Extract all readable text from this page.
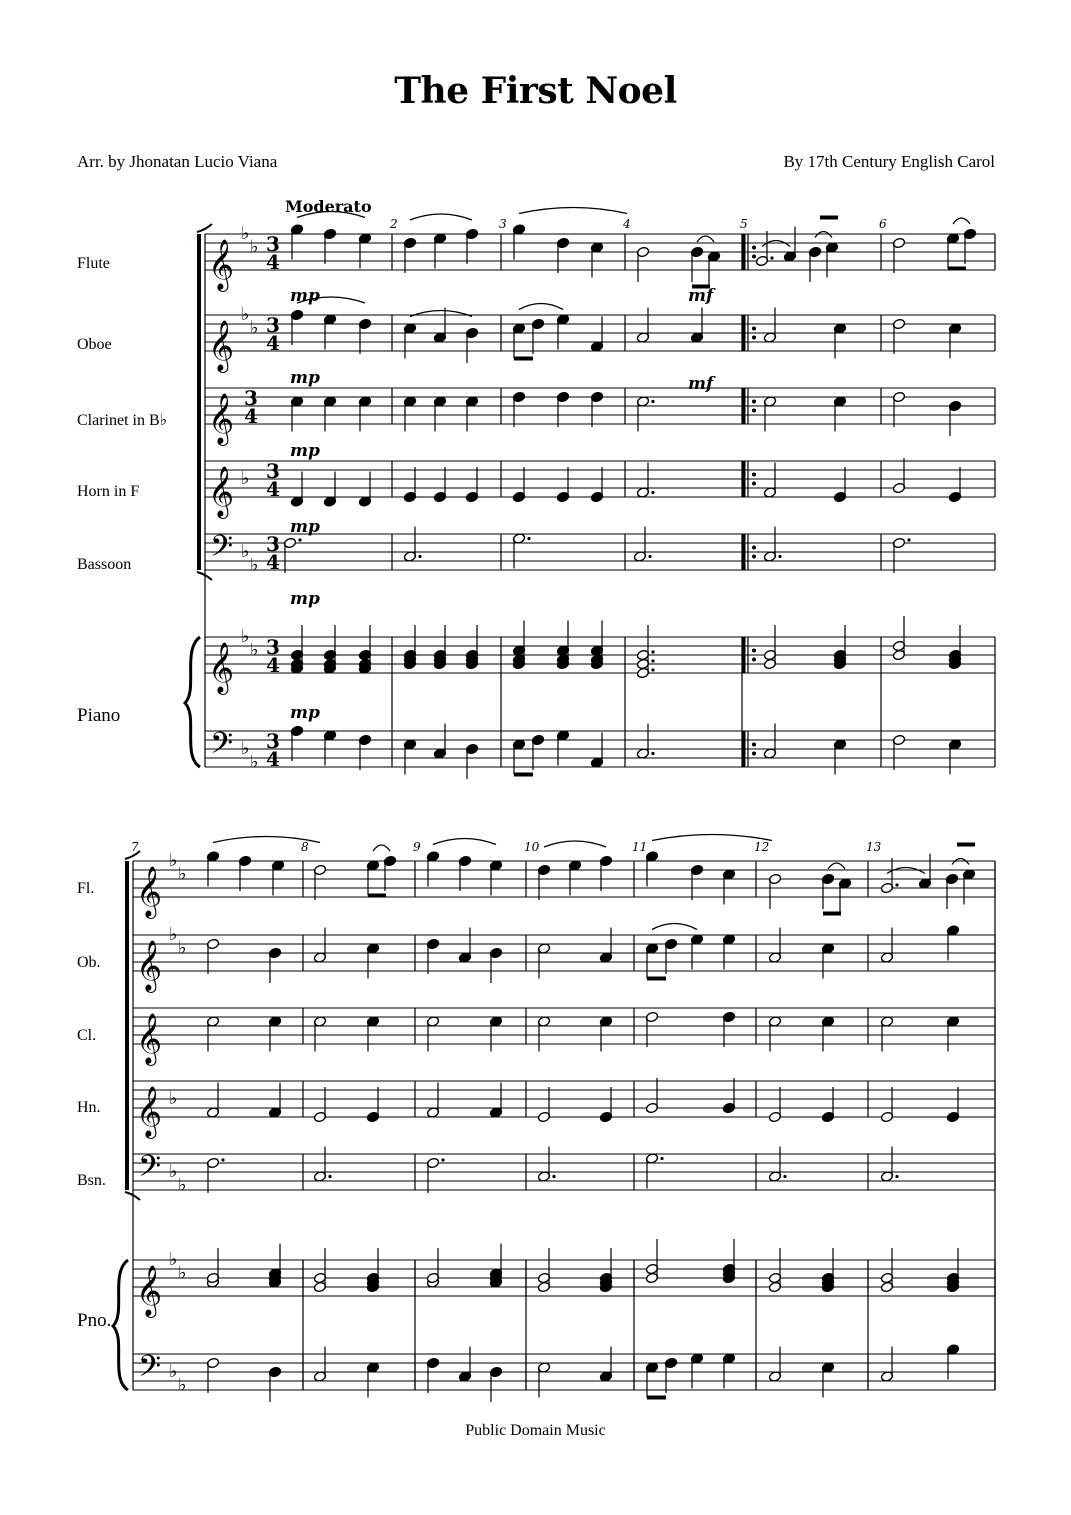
The First Noel
Arr. by Jhonatan Lucio Viana	By 17th Century English Carol
Moderato
Flute
Oboe
Clarinet in B♭
Horn in F
Bassoon
Piano
Fl.
Ob.
Cl.
Hn.
Bsn.
Pno.
Public Domain Music
⎡ 𝄞
𝄞
𝄞
𝄞
𝄢
𝄞
𝄢
♭
♭
♭
♭
♭
♭
♭
♭
♭
♭
♭
3
4
3
4
3
4
3
4
3
4
3
4
3
4
2	3	4	5	6
mp	mf
mp	mf
mp
mp
mp
mp
𝄞
𝄞
𝄞
𝄞
𝄢
𝄞
𝄢
♭
♭
♭
♭
♭
♭
♭
♭
♭
♭
♭
7	8	9	10	11	12	13
